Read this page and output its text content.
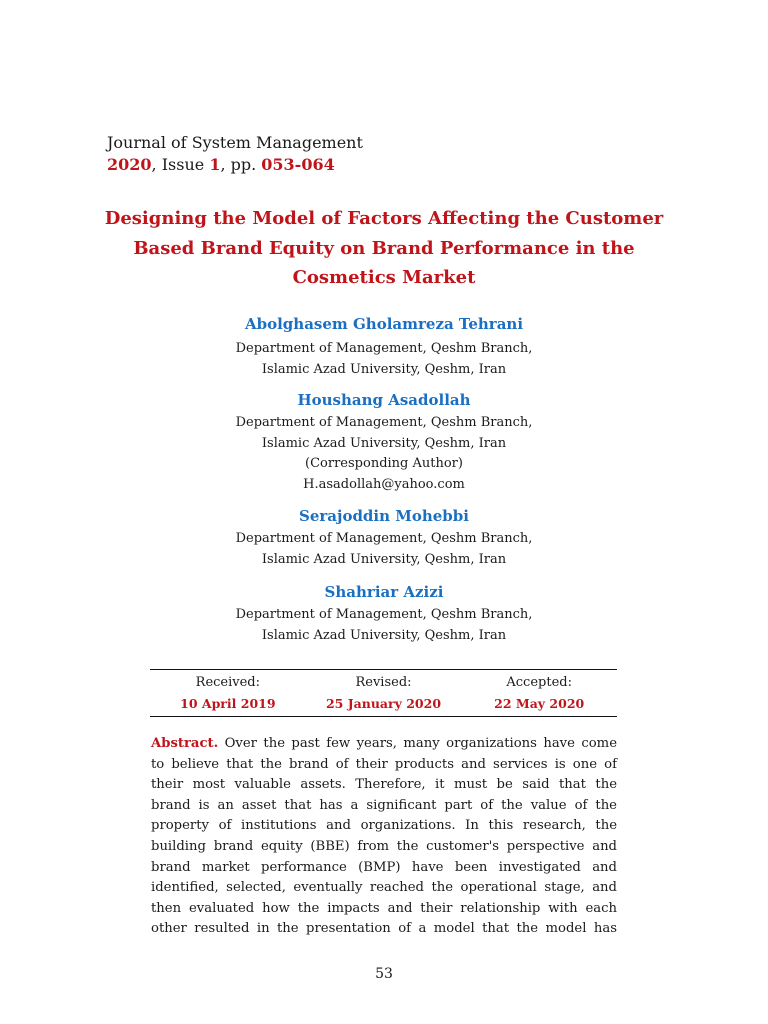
Journal of System Management
2020, Issue 1, pp. 053-064
Designing the Model of Factors Affecting the Customer
Based Brand Equity on Brand Performance in the
Cosmetics Market
Abolghasem Gholamreza Tehrani
Department of Management, Qeshm Branch,
Islamic Azad University, Qeshm, Iran
Houshang Asadollah
Department of Management, Qeshm Branch,
Islamic Azad University, Qeshm, Iran
(Corresponding Author)
H.asadollah@yahoo.com
Serajoddin Mohebbi
Department of Management, Qeshm Branch,
Islamic Azad University, Qeshm, Iran
Shahriar Azizi
Department of Management, Qeshm Branch,
Islamic Azad University, Qeshm, Iran
Received:
10 April 2019
Revised:
25 January 2020
Accepted:
22 May 2020
Abstract. Over the past few years, many organizations have come
to believe that the brand of their products and services is one of
their most valuable assets. Therefore, it must be said that the
brand is an asset that has a significant part of the value of the
property of institutions and organizations. In this research, the
building brand equity (BBE) from the customer's perspective and
brand market performance (BMP) have been investigated and
identified, selected, eventually reached the operational stage, and
then evaluated how the impacts and their relationship with each
other resulted in the presentation of a model that the model has
53
